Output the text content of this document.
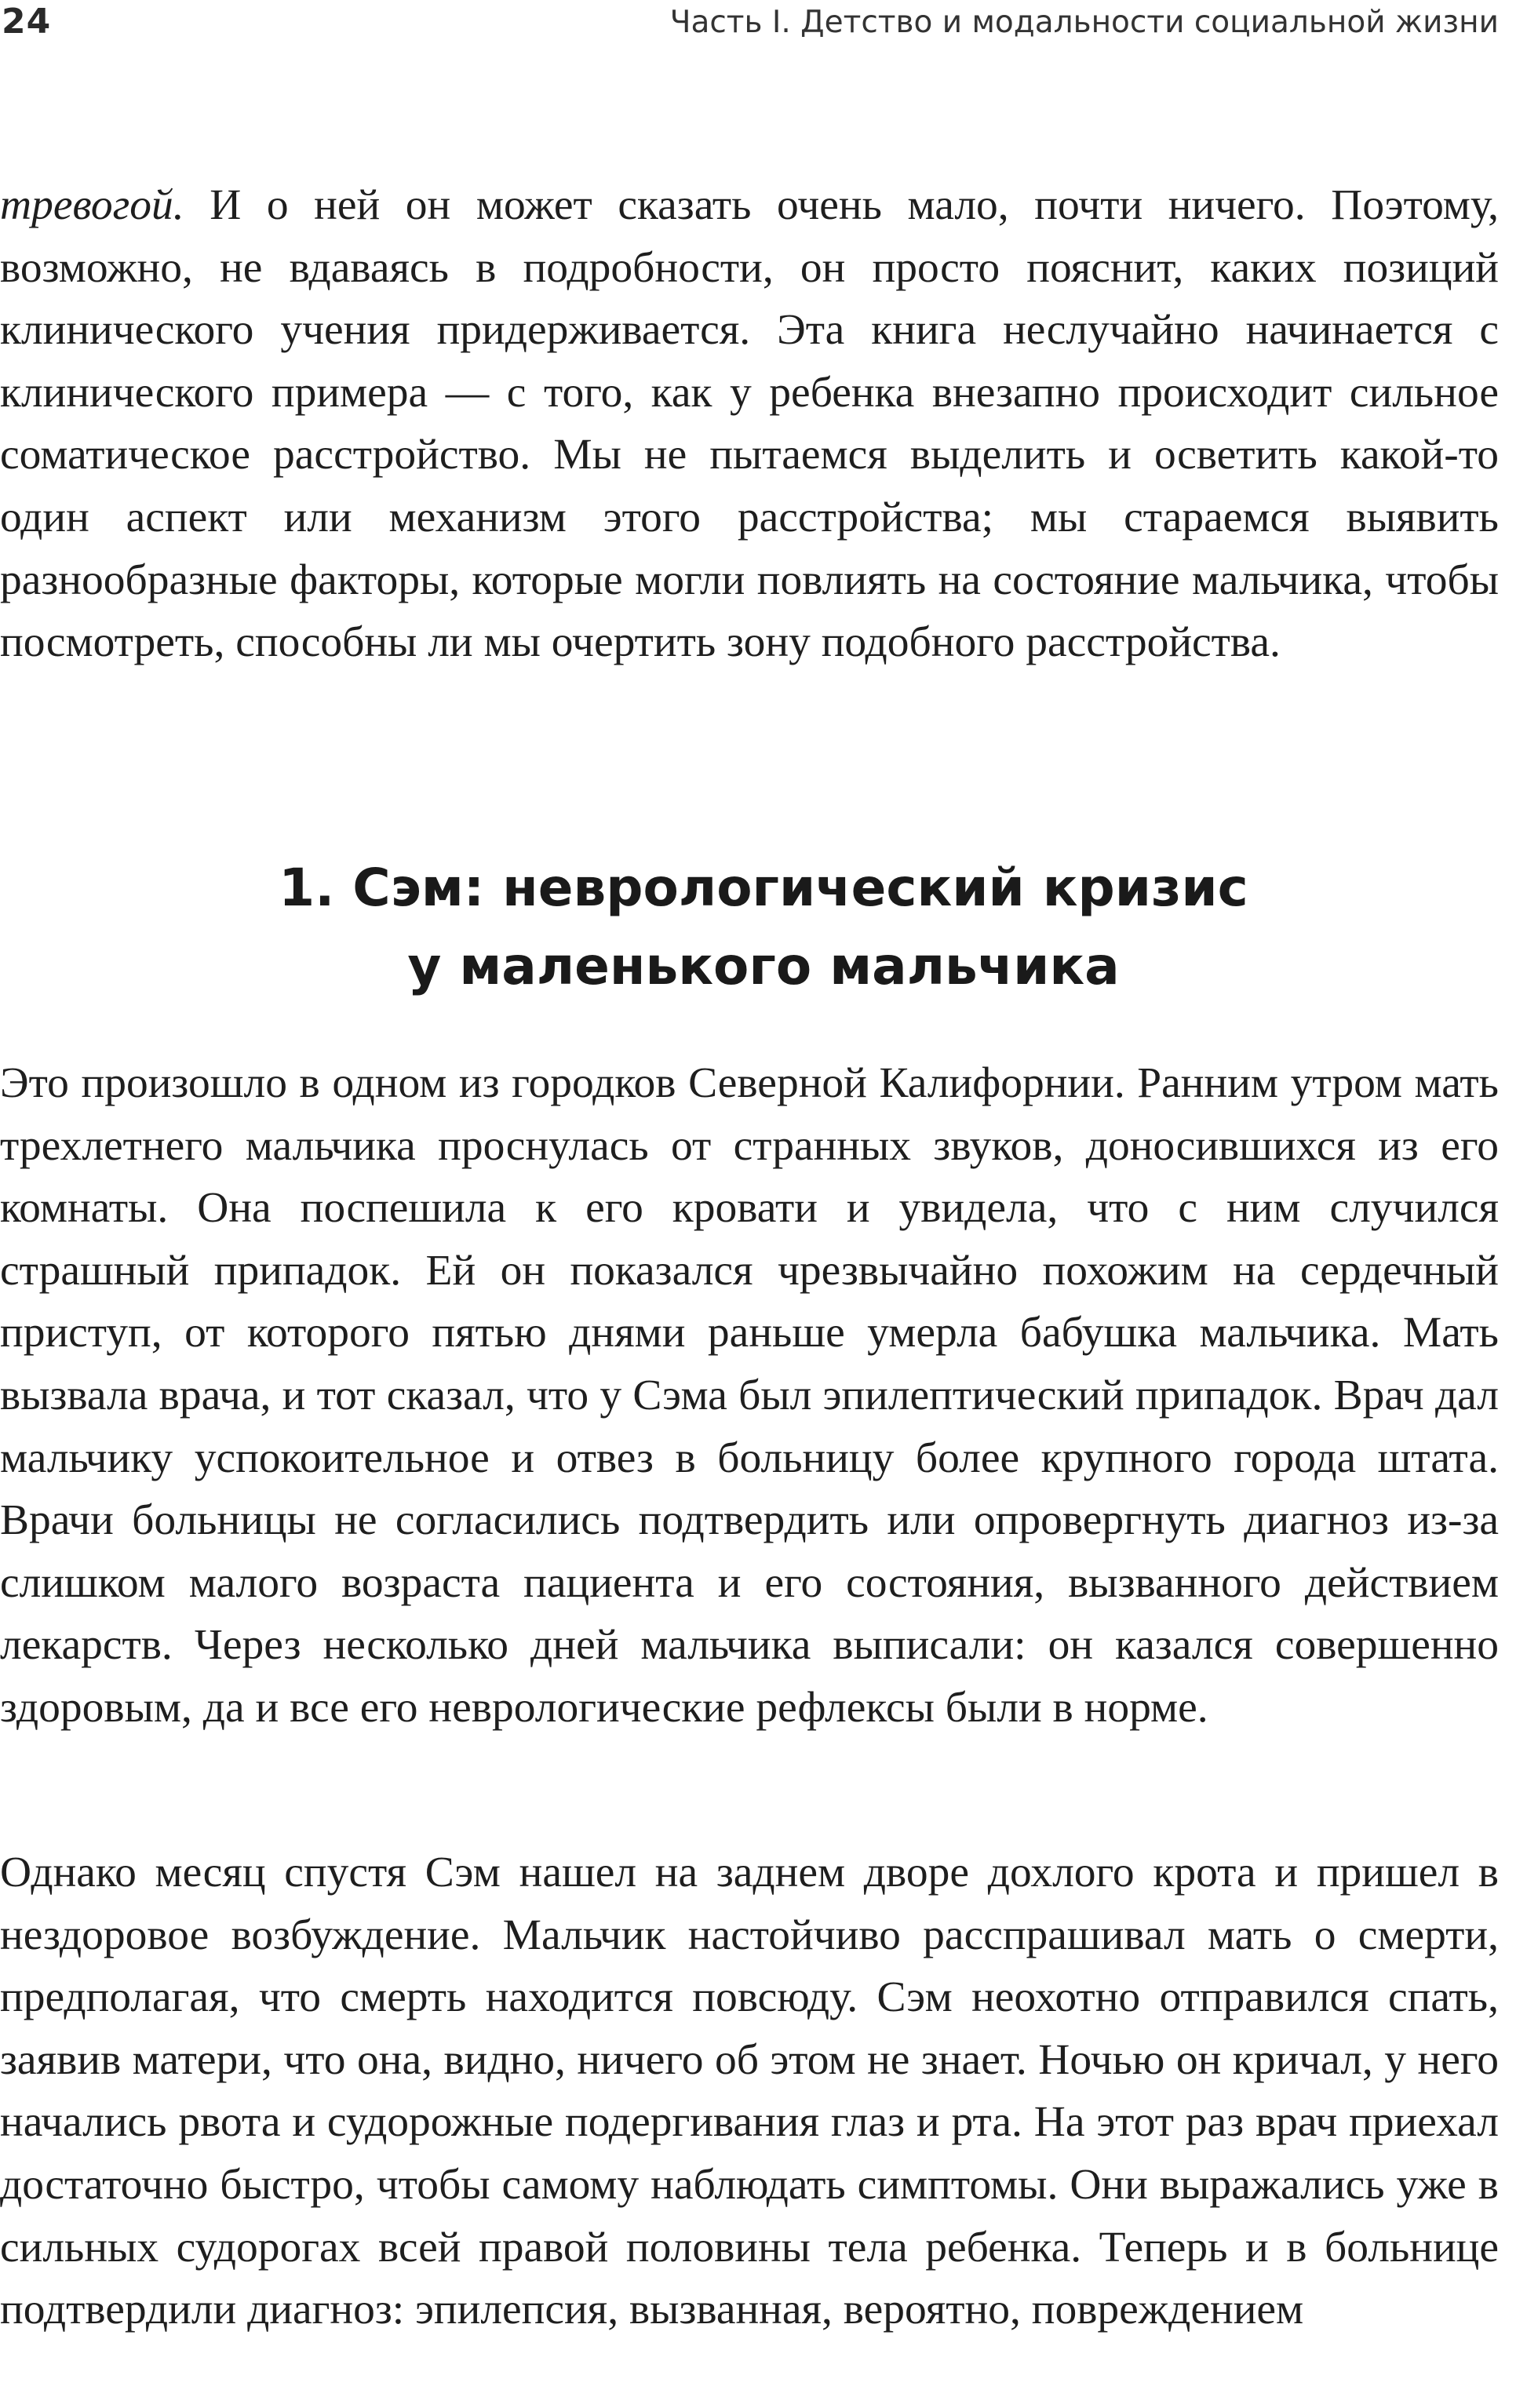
24	Часть I. Детство и модальности социальной жизни

тревогой. И о ней он может сказать очень мало, почти ничего. Поэтому, возможно, не вдаваясь в подробности, он просто пояснит, каких позиций клинического учения придерживается. Эта книга неслучайно начинается с клинического примера — с того, как у ребенка внезапно происходит сильное соматическое расстройство. Мы не пытаемся выделить и осветить какой-то один аспект или механизм этого расстройства; мы стараемся выявить разнообразные факторы, которые могли повлиять на состояние мальчика, чтобы посмотреть, способны ли мы очертить зону подобного расстройства.

1. Сэм: неврологический кризис
у маленького мальчика

Это произошло в одном из городков Северной Калифорнии. Ранним утром мать трехлетнего мальчика проснулась от странных звуков, доносившихся из его комнаты. Она поспешила к его кровати и увидела, что с ним случился страшный припадок. Ей он показался чрезвычайно похожим на сердечный приступ, от которого пятью днями раньше умерла бабушка мальчика. Мать вызвала врача, и тот сказал, что у Сэма был эпилептический припадок. Врач дал мальчику успокоительное и отвез в больницу более крупного города штата. Врачи больницы не согласились подтвердить или опровергнуть диагноз из-за слишком малого возраста пациента и его состояния, вызванного действием лекарств. Через несколько дней мальчика выписали: он казался совершенно здоровым, да и все его неврологические рефлексы были в норме.

Однако месяц спустя Сэм нашел на заднем дворе дохлого крота и пришел в нездоровое возбуждение. Мальчик настойчиво расспрашивал мать о смерти, предполагая, что смерть находится повсюду. Сэм неохотно отправился спать, заявив матери, что она, видно, ничего об этом не знает. Ночью он кричал, у него начались рвота и судорожные подергивания глаз и рта. На этот раз врач приехал достаточно быстро, чтобы самому наблюдать симптомы. Они выражались уже в сильных судорогах всей правой половины тела ребенка. Теперь и в больнице подтвердили диагноз: эпилепсия, вызванная, вероятно, повреждением
